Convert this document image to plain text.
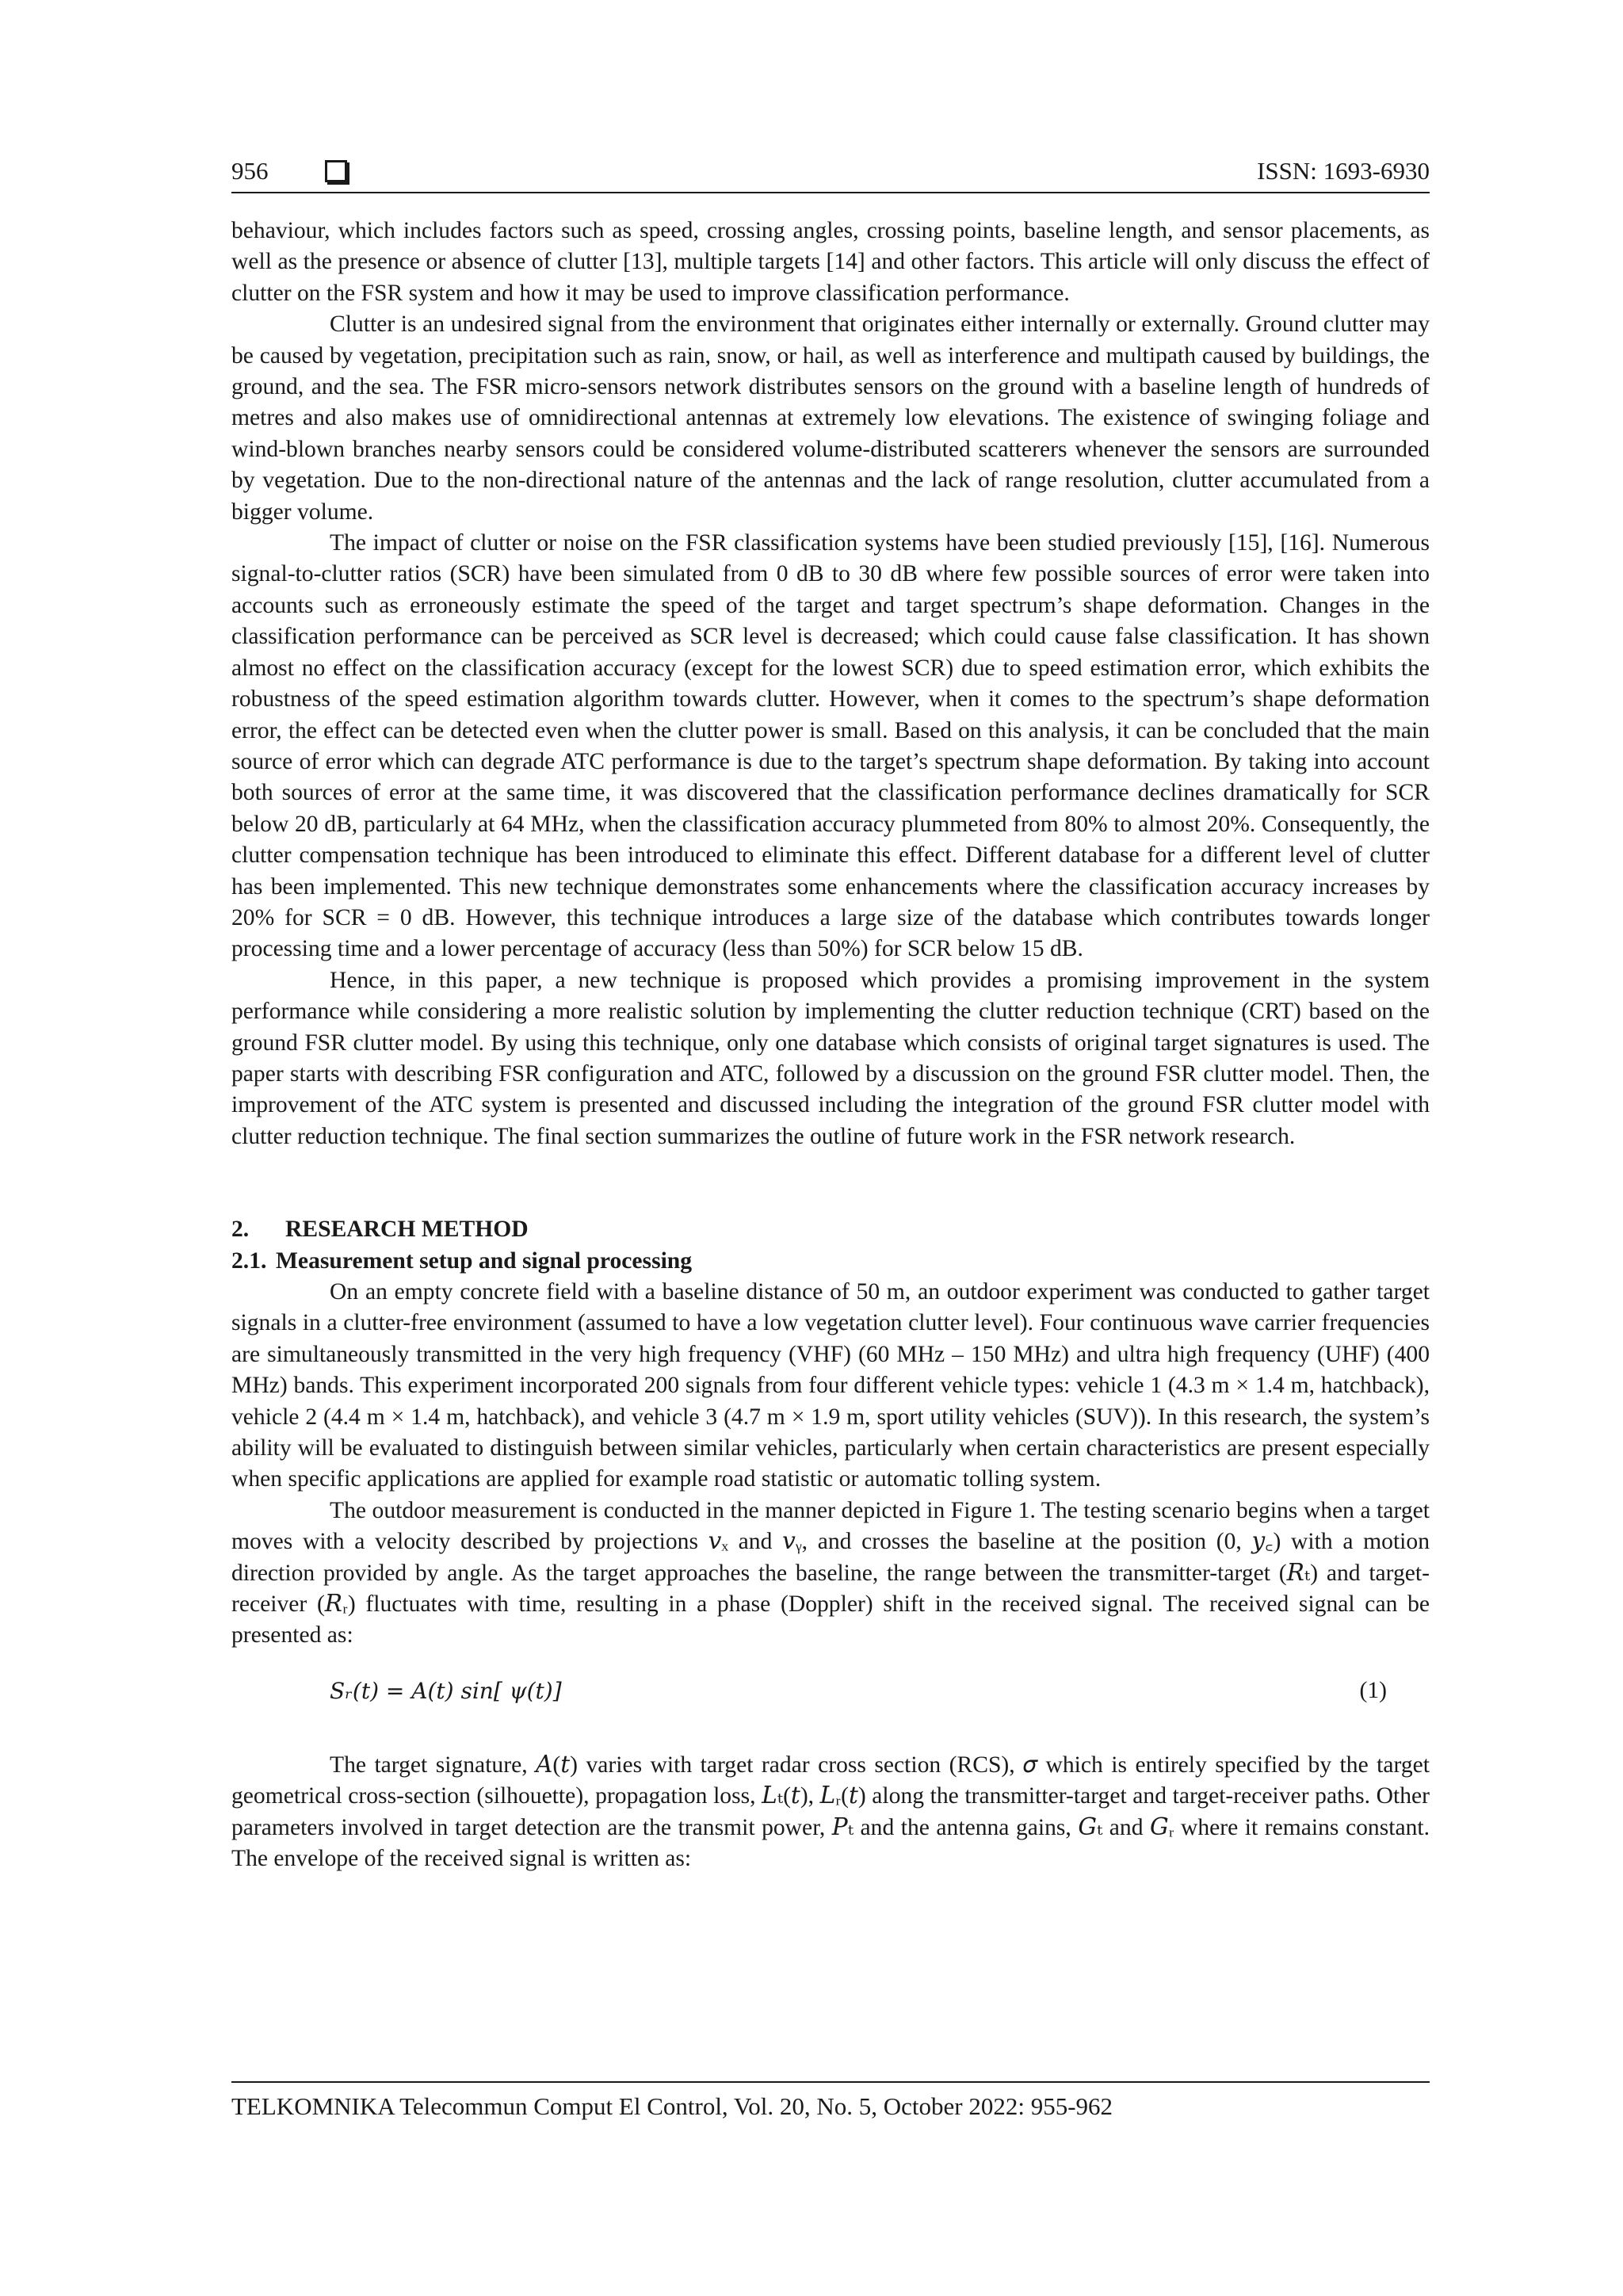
956	ISSN: 1693-6930

behaviour, which includes factors such as speed, crossing angles, crossing points, baseline length, and sensor placements, as well as the presence or absence of clutter [13], multiple targets [14] and other factors. This article will only discuss the effect of clutter on the FSR system and how it may be used to improve classification performance.

Clutter is an undesired signal from the environment that originates either internally or externally. Ground clutter may be caused by vegetation, precipitation such as rain, snow, or hail, as well as interference and multipath caused by buildings, the ground, and the sea. The FSR micro-sensors network distributes sensors on the ground with a baseline length of hundreds of metres and also makes use of omnidirectional antennas at extremely low elevations. The existence of swinging foliage and wind-blown branches nearby sensors could be considered volume-distributed scatterers whenever the sensors are surrounded by vegetation. Due to the non-directional nature of the antennas and the lack of range resolution, clutter accumulated from a bigger volume.

The impact of clutter or noise on the FSR classification systems have been studied previously [15], [16]. Numerous signal-to-clutter ratios (SCR) have been simulated from 0 dB to 30 dB where few possible sources of error were taken into accounts such as erroneously estimate the speed of the target and target spectrum’s shape deformation. Changes in the classification performance can be perceived as SCR level is decreased; which could cause false classification. It has shown almost no effect on the classification accuracy (except for the lowest SCR) due to speed estimation error, which exhibits the robustness of the speed estimation algorithm towards clutter. However, when it comes to the spectrum’s shape deformation error, the effect can be detected even when the clutter power is small. Based on this analysis, it can be concluded that the main source of error which can degrade ATC performance is due to the target’s spectrum shape deformation. By taking into account both sources of error at the same time, it was discovered that the classification performance declines dramatically for SCR below 20 dB, particularly at 64 MHz, when the classification accuracy plummeted from 80% to almost 20%. Consequently, the clutter compensation technique has been introduced to eliminate this effect. Different database for a different level of clutter has been implemented. This new technique demonstrates some enhancements where the classification accuracy increases by 20% for SCR = 0 dB. However, this technique introduces a large size of the database which contributes towards longer processing time and a lower percentage of accuracy (less than 50%) for SCR below 15 dB.

Hence, in this paper, a new technique is proposed which provides a promising improvement in the system performance while considering a more realistic solution by implementing the clutter reduction technique (CRT) based on the ground FSR clutter model. By using this technique, only one database which consists of original target signatures is used. The paper starts with describing FSR configuration and ATC, followed by a discussion on the ground FSR clutter model. Then, the improvement of the ATC system is presented and discussed including the integration of the ground FSR clutter model with clutter reduction technique. The final section summarizes the outline of future work in the FSR network research.

2. RESEARCH METHOD

2.1. Measurement setup and signal processing

On an empty concrete field with a baseline distance of 50 m, an outdoor experiment was conducted to gather target signals in a clutter-free environment (assumed to have a low vegetation clutter level). Four continuous wave carrier frequencies are simultaneously transmitted in the very high frequency (VHF) (60 MHz – 150 MHz) and ultra high frequency (UHF) (400 MHz) bands. This experiment incorporated 200 signals from four different vehicle types: vehicle 1 (4.3 m × 1.4 m, hatchback), vehicle 2 (4.4 m × 1.4 m, hatchback), and vehicle 3 (4.7 m × 1.9 m, sport utility vehicles (SUV)). In this research, the system’s ability will be evaluated to distinguish between similar vehicles, particularly when certain characteristics are present especially when specific applications are applied for example road statistic or automatic tolling system.

The outdoor measurement is conducted in the manner depicted in Figure 1. The testing scenario begins when a target moves with a velocity described by projections 𝑣ₓ and 𝑣ᵧ, and crosses the baseline at the position (0, 𝑦꜀) with a motion direction provided by angle. As the target approaches the baseline, the range between the transmitter-target (𝑅ₜ) and target-receiver (𝑅ᵣ) fluctuates with time, resulting in a phase (Doppler) shift in the received signal. The received signal can be presented as:

𝑆ᵣ(𝑡) = 𝐴(𝑡) 𝑠𝑖𝑛[ 𝜓(𝑡)]	(1)

The target signature, 𝐴(𝑡) varies with target radar cross section (RCS), 𝜎 which is entirely specified by the target geometrical cross-section (silhouette), propagation loss, 𝐿ₜ(𝑡), 𝐿ᵣ(𝑡) along the transmitter-target and target-receiver paths. Other parameters involved in target detection are the transmit power, 𝑃ₜ and the antenna gains, 𝐺ₜ and 𝐺ᵣ where it remains constant. The envelope of the received signal is written as:

TELKOMNIKA Telecommun Comput El Control, Vol. 20, No. 5, October 2022: 955-962
